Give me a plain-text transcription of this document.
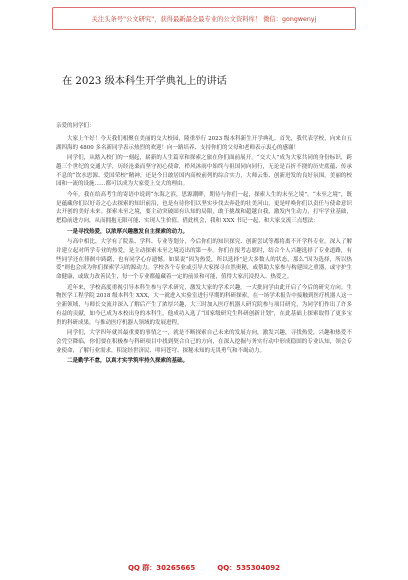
关注头条号"公文研究"，获得最新最全最专业的公文资料库！ 微信：gongwenyj
在 2023 级本科生开学典礼上的讲话

亲爱的同学们：

大家上午好！今天我们相聚在美丽的交大校园，隆重举行 2023 级本科新生开学典礼。首先，我代表学校，向来自五湖四海的 4800 多名新同学表示热烈的欢迎！向一路培养、支持你们的父母和老师表示衷心的感谢！

同学们，从踏入校门的一刻起，崭新的人生篇章和探索之旅在你们面前展开。“交大人”成为大家共同的身份标识，跨越三个世纪的交通大学，历经沧桑而坚守初心使命，栉风沐雨中始终与祖国同向同行，无论是百折不挠的历史底蕴、传承不息的“饮水思源、爱国荣校”精神，还是今日敢居国内高校前列的综合实力，大师云集、创新迸发的良好氛围，美丽的校园和一流的设施……都可以成为大家爱上交大的理由。

今年，我在给高考生的寄语中说到“东海之滨，思源潮畔，期待与你们一起，探索人生的未至之境”。“未至之境”，既是蕴藏你们以好奇之心去探索的知识前沿，也是有待你们以坚实步伐去奔赴的壮美河山，更是呼唤你们以责任与使命意识去开创的美好未来。探索未至之境，要主动突破固有认知的局限，敢于挑战和超越自我，激发内生动力，打牢学业基础，把稳前进方向，从而拥抱无限可能、实现人生价值。借此机会，我和 XXX 书记一起，和大家交流三点想法：

一是寻找热爱，以浓厚兴趣激发自主探索的动力。

与高中相比，大学有了院系、学科、专业等划分，今后你们的知识探究、创新尝试等都将离不开学科专业。深入了解并建立起对所学专业的热爱，是主动探索未至之境迈出的第一步。你们在报考志愿时，结合个人兴趣选择了专业道路，有些同学还在徘徊中踌躇，也有同学心存遗憾。如果说“因为热爱，所以选择”是大多数人的状态，那么“因为选择，所以热爱”则也会成为你们探索学习的源动力。学校各个专业或引导大家探寻自然奥秘，或帮助大家参与构建国之重器，或守护生命健康，或致力改善民生，每一个专业都蕴藏着一定的前景和可能，值得大家沉浸投入、热爱之。

近年来，学校高度重视引导本科生参与学术研究，激发大家的学术兴趣。一大批同学由此开启了今后的研究方向。生物医学工程学院 2018 级本科生 XXX，大一就进入实验室进行早期的科研探索，在一场学术报告中接触到医疗机器人这一全新领域，与师长交流并深入了解后产生了浓厚兴趣，大三时加入医疗机器人研究院参与项目研究，为同学们作出了许多有益的贡献，如今已成为本校出身的本科生，他成功入选了“国家级研究生科研创新计划”，在此基础上探索取得了更多宝贵的科研成果，与推动医疗机器人领域的发展进程。

同学们，大学四年就其最重要的事情之一，就是不断探索自己未来的发展方向，激发兴趣，寻找热爱，兴趣和热爱不会凭空降临，你们要在积极参与科研项目中找到契合自己的方向，在深入挖掘与务实行动中形成稳固的专业认知，领会专业使命，了解行业需求，积淀经世济民、叩问苍穹、探秘未知的无畏勇气和不竭动力。

二是勤学不怠，以真才实学筑牢持久探索的基础。

QQ 群：30265665	QQ：535304092
